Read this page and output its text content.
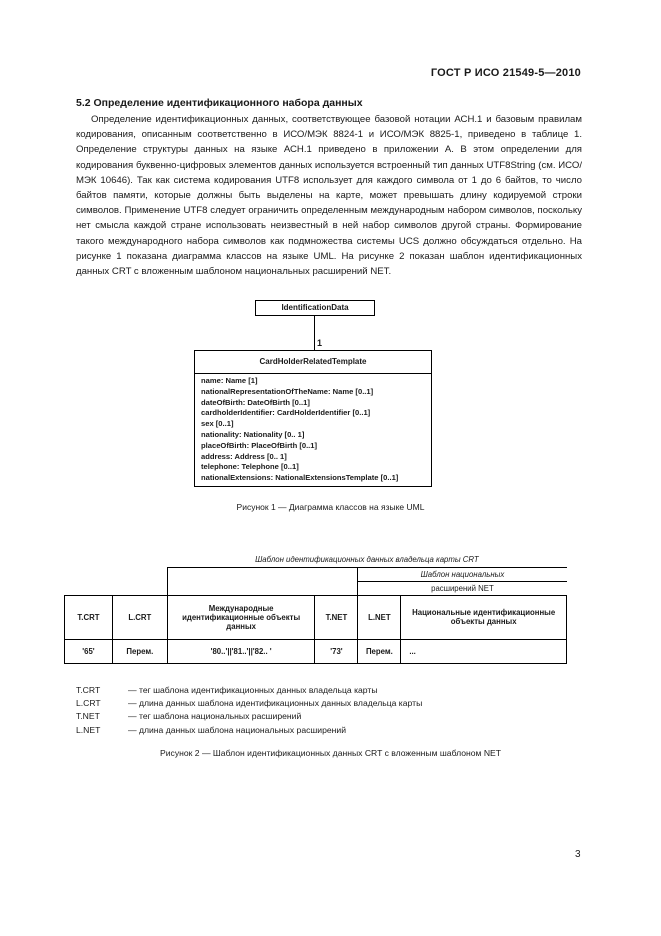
ГОСТ Р ИСО 21549-5—2010
5.2 Определение идентификационного набора данных

Определение идентификационных данных, соответствующее базовой нотации АСН.1 и базовым правилам кодирования, описанным соответственно в ИСО/МЭК 8824-1 и ИСО/МЭК 8825-1, приведено в таблице 1. Определение структуры данных на языке АСН.1 приведено в приложении А. В этом определении для кодирования буквенно-цифровых элементов данных используется встроенный тип данных UTF8String (см. ИСО/МЭК 10646). Так как система кодирования UTF8 использует для каждого символа от 1 до 6 байтов, то число байтов памяти, которые должны быть выделены на карте, может превышать длину кодируемой строки символов. Применение UTF8 следует ограничить определенным международным набором символов, поскольку нет смысла каждой стране использовать неизвестный в ней набор символов другой страны. Формирование такого международного набора символов как подмножества системы UCS должно обсуждаться отдельно. На рисунке 1 показана диаграмма классов на языке UML. На рисунке 2 показан шаблон идентификационных данных CRT с вложенным шаблоном национальных расширений NET.

IdentificationData
1
CardHolderRelatedTemplate
name: Name [1]
nationalRepresentationOfTheName: Name [0..1]
dateOfBirth: DateOfBirth [0..1]
cardholderIdentifier: CardHolderIdentifier [0..1]
sex [0..1]
nationality: Nationality [0.. 1]
placeOfBirth: PlaceOfBirth [0..1]
address: Address [0.. 1]
telephone: Telephone [0..1]
nationalExtensions: NationalExtensionsTemplate [0..1]
Рисунок 1 — Диаграмма классов на языке UML
		Шаблон идентификационных данных владельца карты CRT			
				Шаблон национальных	
				расширений NET	
T.CRT	L.CRT	Международные идентификационные объекты данных	T.NET	L.NET	Национальные идентификационные объекты данных
'65'	Перем.	'80..'||'81..'||'82.. '	'73'	Перем.	...
T.CRT	— тег шаблона идентификационных данных владельца карты
L.CRT	— длина данных шаблона идентификационных данных владельца карты
T.NET	— тег шаблона национальных расширений
L.NET	— длина данных шаблона национальных расширений
Рисунок 2 — Шаблон идентификационных данных CRT с вложенным шаблоном NET
3
